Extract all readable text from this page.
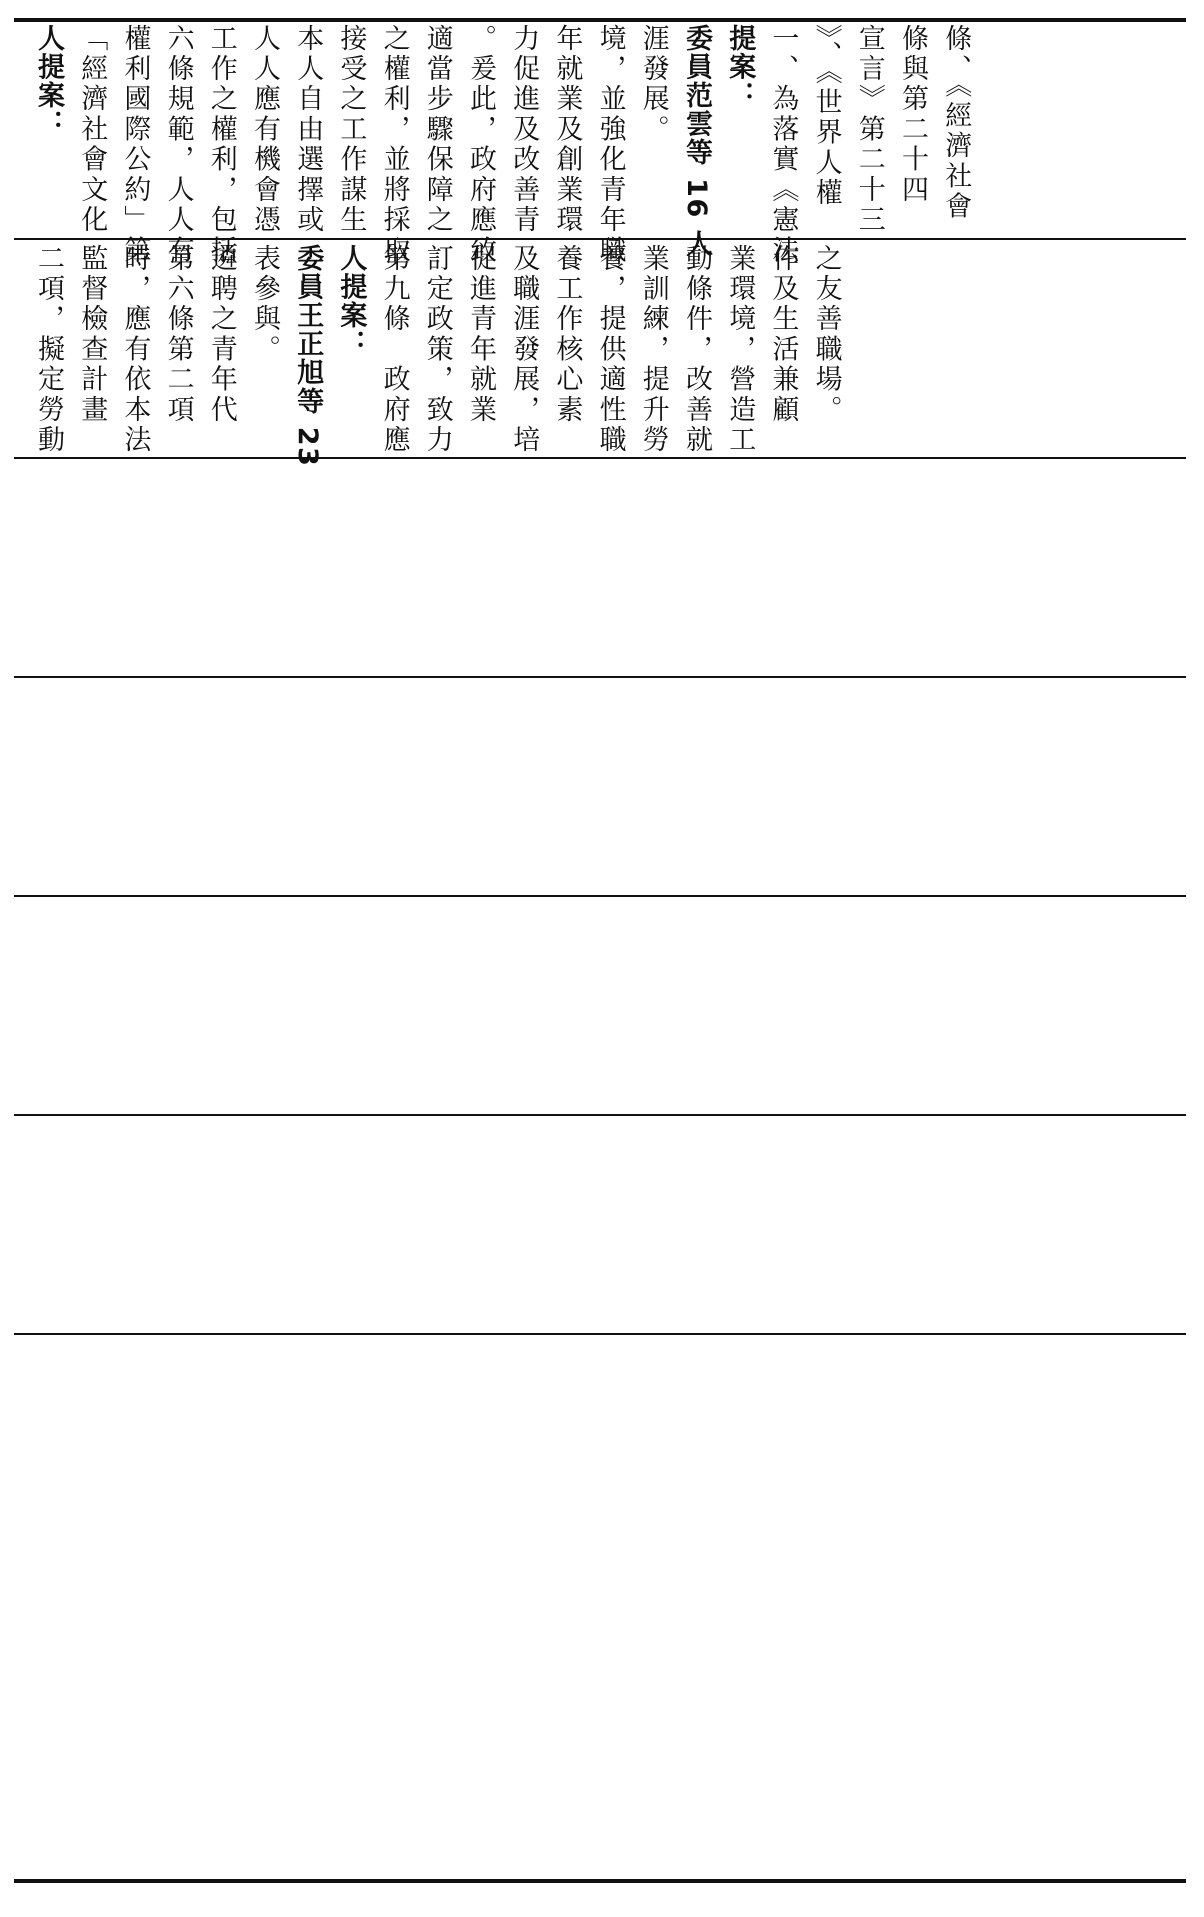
人提案： 「經濟社會文化 權利國際公約」第 六條規範，人人有 工作之權利，包括 人人應有機會憑 本人自由選擇或 接受之工作謀生 之權利，並將採取 適當步驟保障之 。爰此，政府應致 力促進及改善青 年就業及創業環 境，並強化青年職 涯發展。 委員范雲等 16 人 提案： 一、為落實《憲法 》、《世界人權 宣言》第二十三 條與第二十四 條、《經濟社會
二項，擬定勞動 監督檢查計畫 時，應有依本法 第六條第二項 遴聘之青年代 表參與。 委員王正旭等 23 人提案： 第九條　政府應 訂定政策，致力 促進青年就業 及職涯發展，培 養工作核心素 養，提供適性職 業訓練，提升勞 動條件，改善就 業環境，營造工 作及生活兼顧 之友善職場。
